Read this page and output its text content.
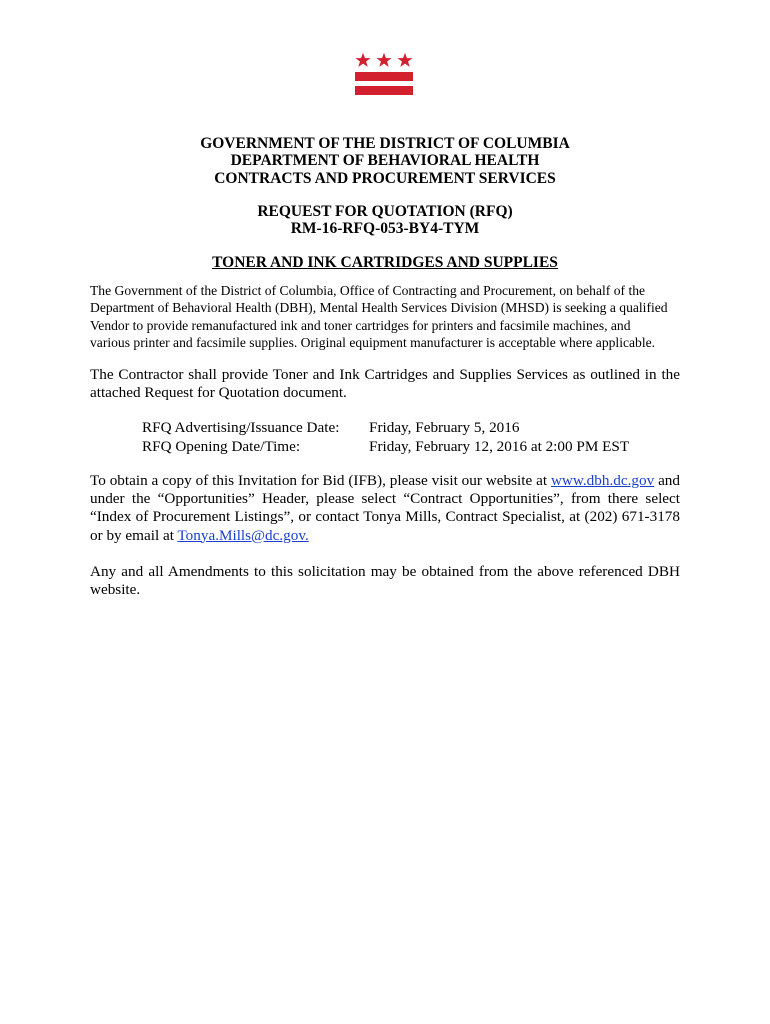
GOVERNMENT OF THE DISTRICT OF COLUMBIA
DEPARTMENT OF BEHAVIORAL HEALTH
CONTRACTS AND PROCUREMENT SERVICES
REQUEST FOR QUOTATION (RFQ)
RM-16-RFQ-053-BY4-TYM
TONER AND INK CARTRIDGES AND SUPPLIES
The Government of the District of Columbia, Office of Contracting and Procurement, on behalf of the
Department of Behavioral Health (DBH), Mental Health Services Division (MHSD) is seeking a qualified
Vendor to provide remanufactured ink and toner cartridges for printers and facsimile machines, and
various printer and facsimile supplies. Original equipment manufacturer is acceptable where applicable.
The Contractor shall provide Toner and Ink Cartridges and Supplies Services as outlined in the attached Request for Quotation document.
RFQ Advertising/Issuance Date:	Friday, February 5, 2016
RFQ Opening Date/Time:	Friday, February 12, 2016 at 2:00 PM EST
To obtain a copy of this Invitation for Bid (IFB), please visit our website at www.dbh.dc.gov and under the “Opportunities” Header, please select “Contract Opportunities”, from there select “Index of Procurement Listings”, or contact Tonya Mills, Contract Specialist, at (202) 671-3178 or by email at Tonya.Mills@dc.gov.
Any and all Amendments to this solicitation may be obtained from the above referenced DBH website.
